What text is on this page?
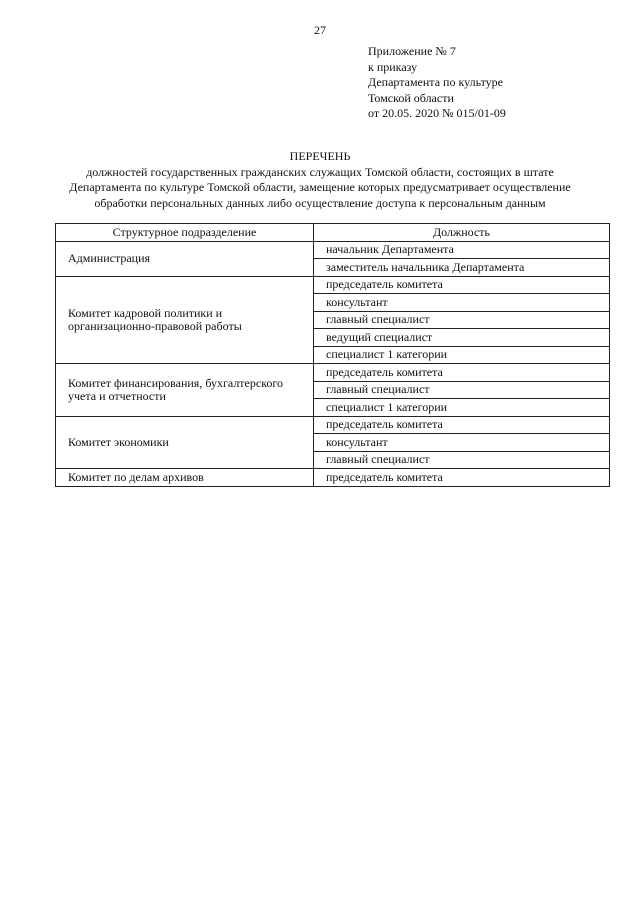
27
Приложение № 7
к приказу
Департамента по культуре
Томской области
от 20.05. 2020 № 015/01-09
ПЕРЕЧЕНЬ
должностей государственных гражданских служащих Томской области, состоящих в штате
Департамента по культуре Томской области, замещение которых предусматривает осуществление
обработки персональных данных либо осуществление доступа к персональным данным
Структурное подразделение	Должность
Администрация	начальник Департамента
	заместитель начальника Департамента
Комитет кадровой политики и организационно-правовой работы	председатель комитета
	консультант
	главный специалист
	ведущий специалист
	специалист 1 категории
Комитет финансирования, бухгалтерского учета и отчетности	председатель комитета
	главный специалист
	специалист 1 категории
Комитет экономики	председатель комитета
	консультант
	главный специалист
Комитет по делам архивов	председатель комитета
